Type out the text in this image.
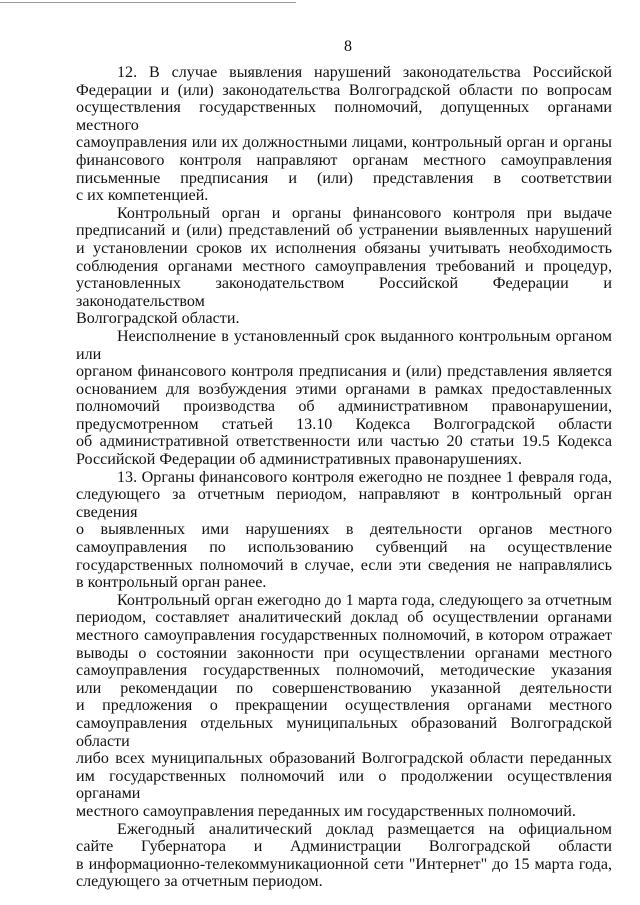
8

12. В случае выявления нарушений законодательства Российской
Федерации и (или) законодательства Волгоградской области по вопросам
осуществления государственных полномочий, допущенных органами местного
самоуправления или их должностными лицами, контрольный орган и органы
финансового контроля направляют органам местного самоуправления
письменные предписания и (или) представления в соответствии
с их компетенцией.

Контрольный орган и органы финансового контроля при выдаче
предписаний и (или) представлений об устранении выявленных нарушений
и установлении сроков их исполнения обязаны учитывать необходимость
соблюдения органами местного самоуправления требований и процедур,
установленных законодательством Российской Федерации и законодательством
Волгоградской области.

Неисполнение в установленный срок выданного контрольным органом или
органом финансового контроля предписания и (или) представления является
основанием для возбуждения этими органами в рамках предоставленных
полномочий производства об административном правонарушении,
предусмотренном статьей 13.10 Кодекса Волгоградской области
об административной ответственности или частью 20 статьи 19.5 Кодекса
Российской Федерации об административных правонарушениях.

13. Органы финансового контроля ежегодно не позднее 1 февраля года,
следующего за отчетным периодом, направляют в контрольный орган сведения
о выявленных ими нарушениях в деятельности органов местного
самоуправления по использованию субвенций на осуществление
государственных полномочий в случае, если эти сведения не направлялись
в контрольный орган ранее.

Контрольный орган ежегодно до 1 марта года, следующего за отчетным
периодом, составляет аналитический доклад об осуществлении органами
местного самоуправления государственных полномочий, в котором отражает
выводы о состоянии законности при осуществлении органами местного
самоуправления государственных полномочий, методические указания
или рекомендации по совершенствованию указанной деятельности
и предложения о прекращении осуществления органами местного
самоуправления отдельных муниципальных образований Волгоградской области
либо всех муниципальных образований Волгоградской области переданных
им государственных полномочий или о продолжении осуществления органами
местного самоуправления переданных им государственных полномочий.

Ежегодный аналитический доклад размещается на официальном
сайте Губернатора и Администрации Волгоградской области
в информационно-телекоммуникационной сети "Интернет" до 15 марта года,
следующего за отчетным периодом.
